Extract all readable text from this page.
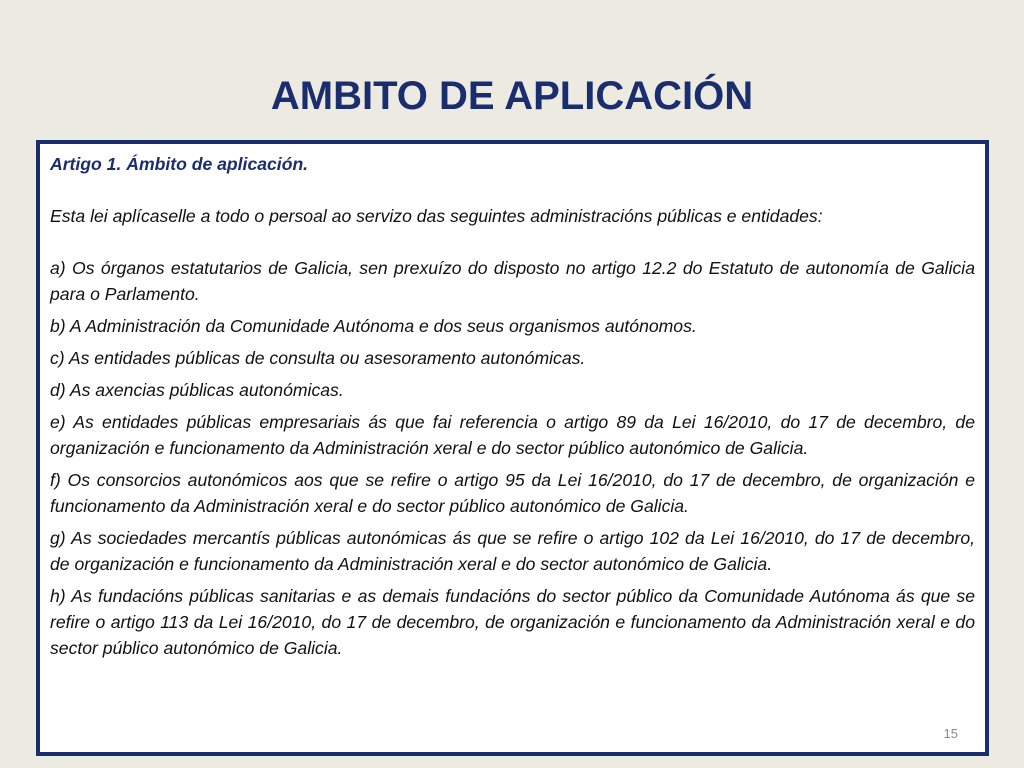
AMBITO DE APLICACIÓN

Artigo 1. Ámbito de aplicación.

Esta lei aplícaselle a todo o persoal ao servizo das seguintes administracións públicas e entidades:

a) Os órganos estatutarios de Galicia, sen prexuízo do disposto no artigo 12.2 do Estatuto de autonomía de Galicia para o Parlamento.

b) A Administración da Comunidade Autónoma e dos seus organismos autónomos.

c) As entidades públicas de consulta ou asesoramento autonómicas.

d) As axencias públicas autonómicas.

e) As entidades públicas empresariais ás que fai referencia o artigo 89 da Lei 16/2010, do 17 de decembro, de organización e funcionamento da Administración xeral e do sector público autonómico de Galicia.

f) Os consorcios autonómicos aos que se refire o artigo 95 da Lei 16/2010, do 17 de decembro, de organización e funcionamento da Administración xeral e do sector público autonómico de Galicia.

g) As sociedades mercantís públicas autonómicas ás que se refire o artigo 102 da Lei 16/2010, do 17 de decembro, de organización e funcionamento da Administración xeral e do sector autonómico de Galicia.

h) As fundacións públicas sanitarias e as demais fundacións do sector público da Comunidade Autónoma ás que se refire o artigo 113 da Lei 16/2010, do 17 de decembro, de organización e funcionamento da Administración xeral e do sector público autonómico de Galicia.

15
